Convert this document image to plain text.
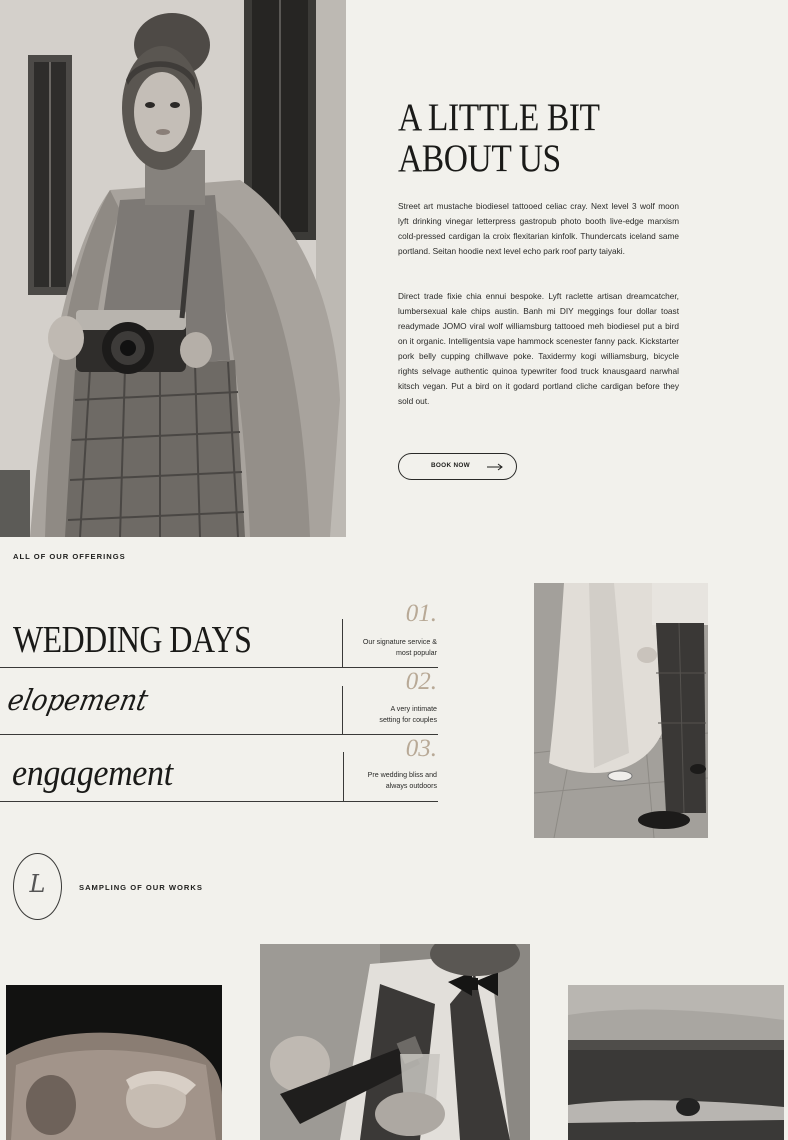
A LITTLE BIT
ABOUT US

Street art mustache biodiesel tattooed celiac cray. Next level 3 wolf moon lyft drinking vinegar letterpress gastropub photo booth live-edge marxism cold-pressed cardigan la croix flexitarian kinfolk. Thundercats iceland same portland. Seitan hoodie next level echo park roof party taiyaki.

Direct trade fixie chia ennui bespoke. Lyft raclette artisan dreamcatcher, lumbersexual kale chips austin. Banh mi DIY meggings four dollar toast readymade JOMO viral wolf williamsburg tattooed meh biodiesel put a bird on it organic. Intelligentsia vape hammock scenester fanny pack. Kickstarter pork belly cupping chillwave poke. Taxidermy kogi williamsburg, bicycle rights selvage authentic quinoa typewriter food truck knausgaard narwhal kitsch vegan. Put a bird on it godard portland cliche cardigan before they sold out.

BOOK NOW
ALL OF OUR OFFERINGS
WEDDING DAYS
01.
Our signature service &
most popular
elopement
02.
A very intimate
setting for couples
engagement
03.
Pre wedding bliss and
always outdoors
L	SAMPLING OF OUR WORKS
